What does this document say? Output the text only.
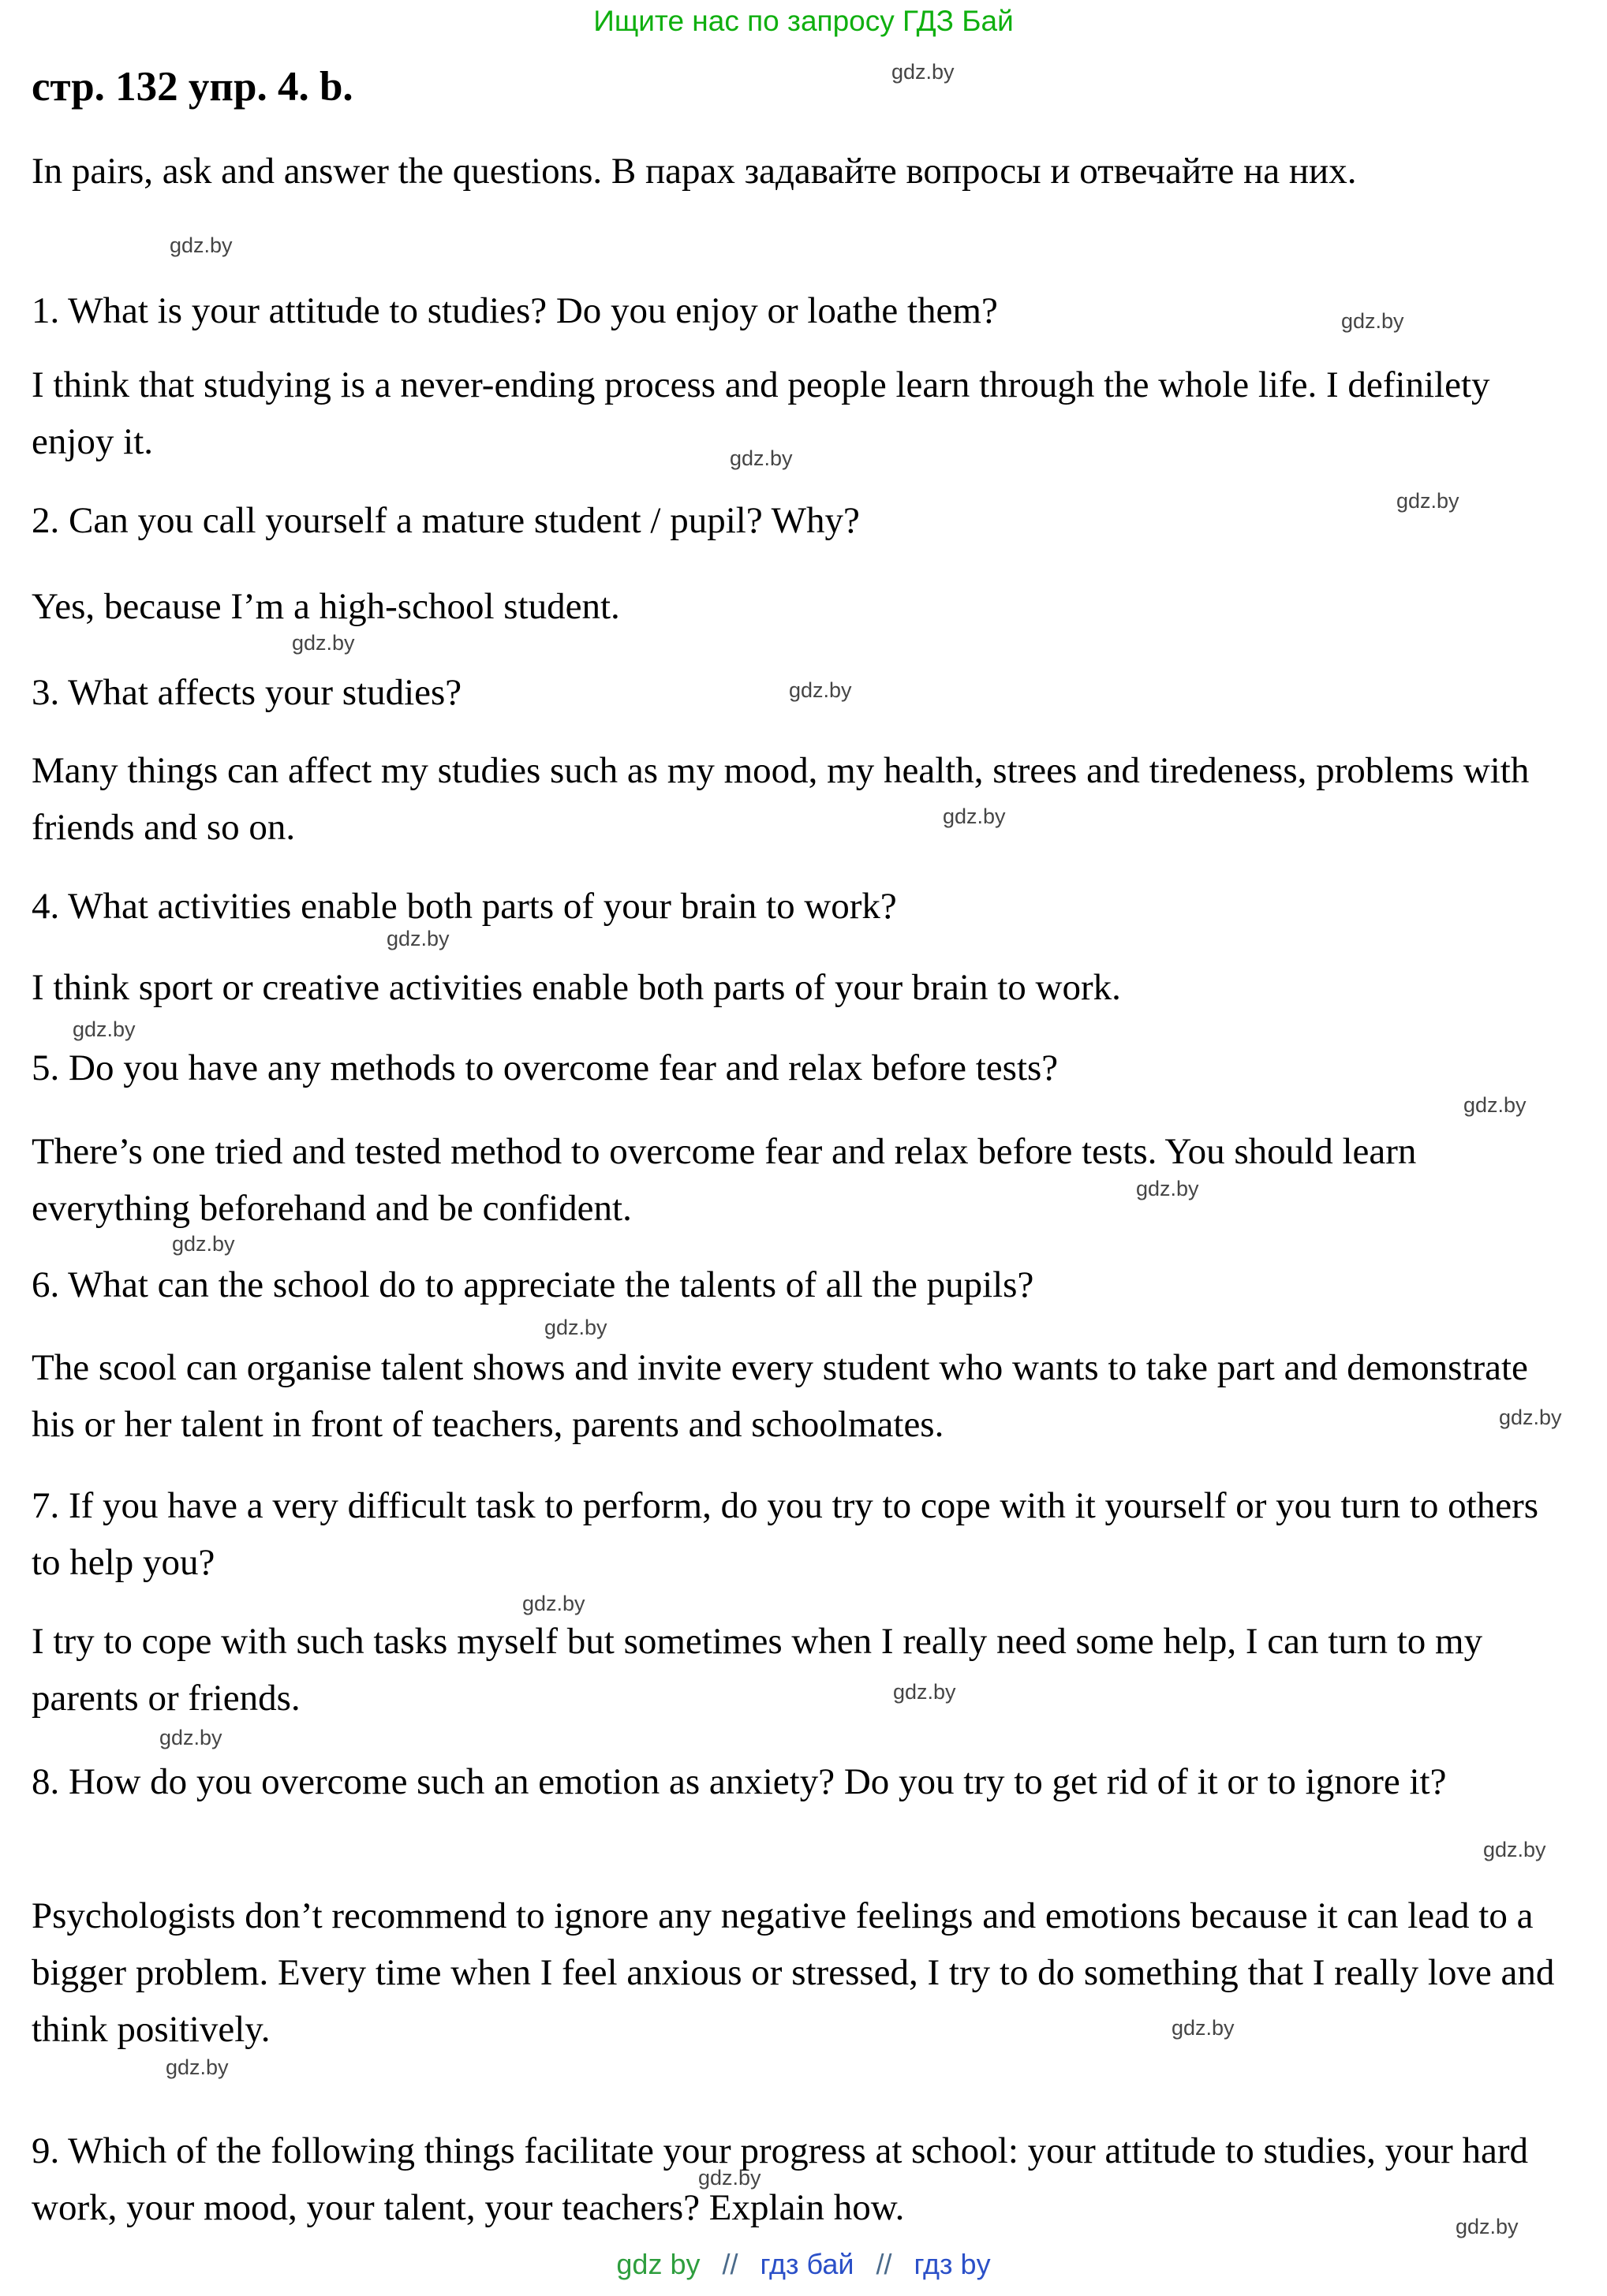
Ищите нас по запросу ГДЗ Бай
стр. 132 упр. 4. b.
In pairs, ask and answer the questions. В парах задавайте вопросы и отвечайте на них.
1. What is your attitude to studies? Do you enjoy or loathe them?
I think that studying is a never-ending process and people learn through the whole life. I definilety enjoy it.
2. Can you call yourself a mature student / pupil? Why?
Yes, because I’m a high-school student.
3. What affects your studies?
Many things can affect my studies such as my mood, my health, strees and tiredeness, problems with friends and so on.
4. What activities enable both parts of your brain to work?
I think sport or creative activities enable both parts of your brain to work.
5. Do you have any methods to overcome fear and relax before tests?
There’s one tried and tested method to overcome fear and relax before tests. You should learn everything beforehand and be confident.
6. What can the school do to appreciate the talents of all the pupils?
The scool can organise talent shows and invite every student who wants to take part and demonstrate his or her talent in front of teachers, parents and schoolmates.
7. If you have a very difficult task to perform, do you try to cope with it yourself or you turn to others to help you?
I try to cope with such tasks myself but sometimes when I really need some help, I can turn to my parents or friends.
8. How do you overcome such an emotion as anxiety? Do you try to get rid of it or to ignore it?
Psychologists don’t recommend to ignore any negative feelings and emotions because it can lead to a bigger problem. Every time when I feel anxious or stressed, I try to do something that I really love and think positively.
9. Which of the following things facilitate your progress at school: your attitude to studies, your hard work, your mood, your talent, your teachers? Explain how.
gdz.by
gdz.by
gdz.by
gdz.by
gdz.by
gdz.by
gdz.by
gdz.by
gdz.by
gdz.by
gdz.by
gdz.by
gdz.by
gdz.by
gdz.by
gdz.by
gdz.by
gdz.by
gdz.by
gdz.by
gdz.by
gdz.by
gdz.by
gdz by // гдз бай // гдз by
